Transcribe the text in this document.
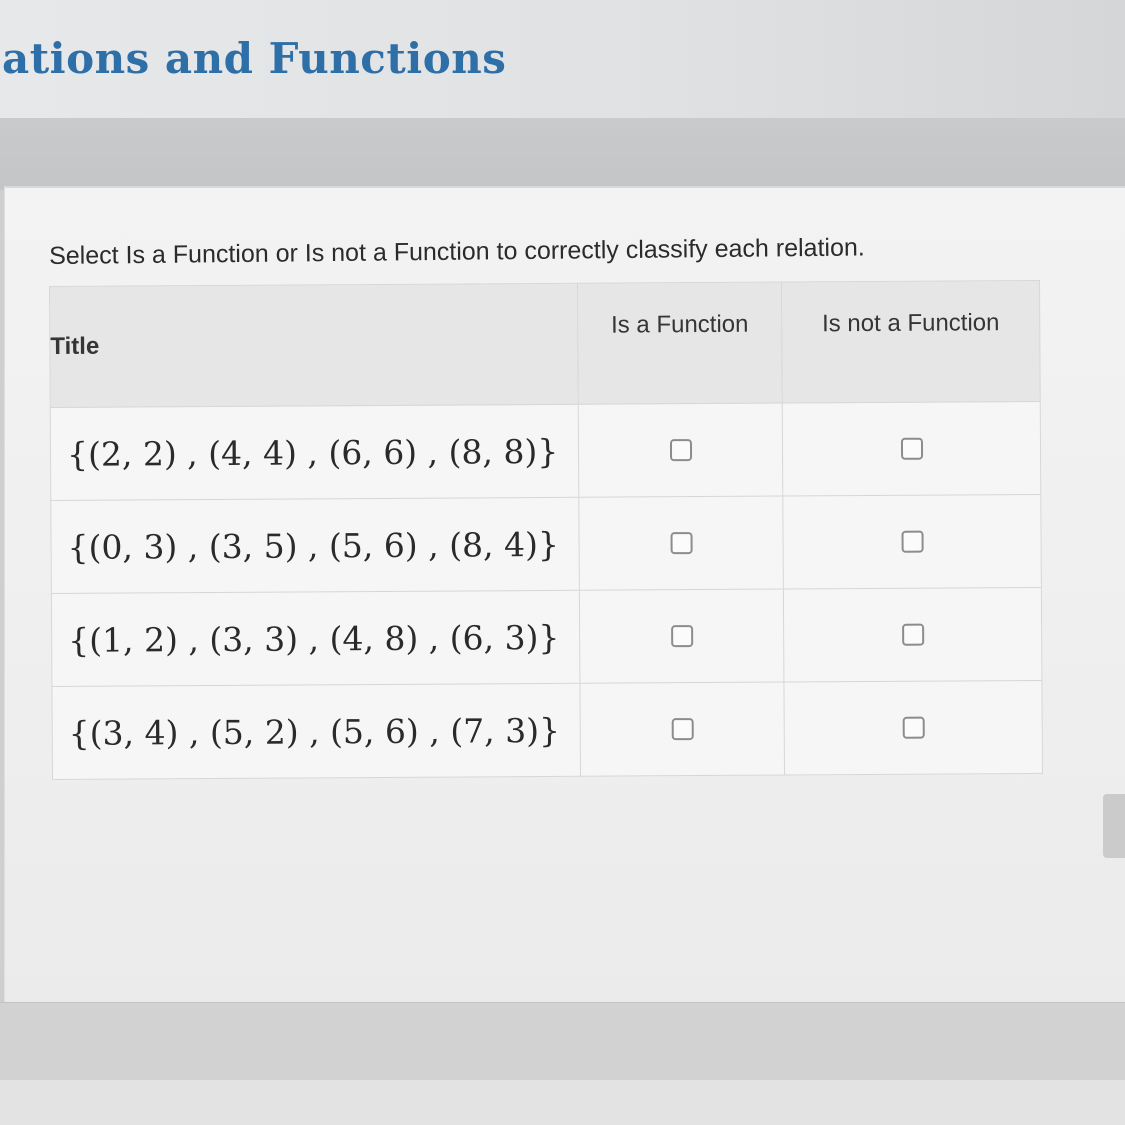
ations and Functions

Select Is a Function or Is not a Function to correctly classify each relation.

Title	Is a Function	Is not a Function
{(2, 2) , (4, 4) , (6, 6) , (8, 8)}		
{(0, 3) , (3, 5) , (5, 6) , (8, 4)}		
{(1, 2) , (3, 3) , (4, 8) , (6, 3)}		
{(3, 4) , (5, 2) , (5, 6) , (7, 3)}		
